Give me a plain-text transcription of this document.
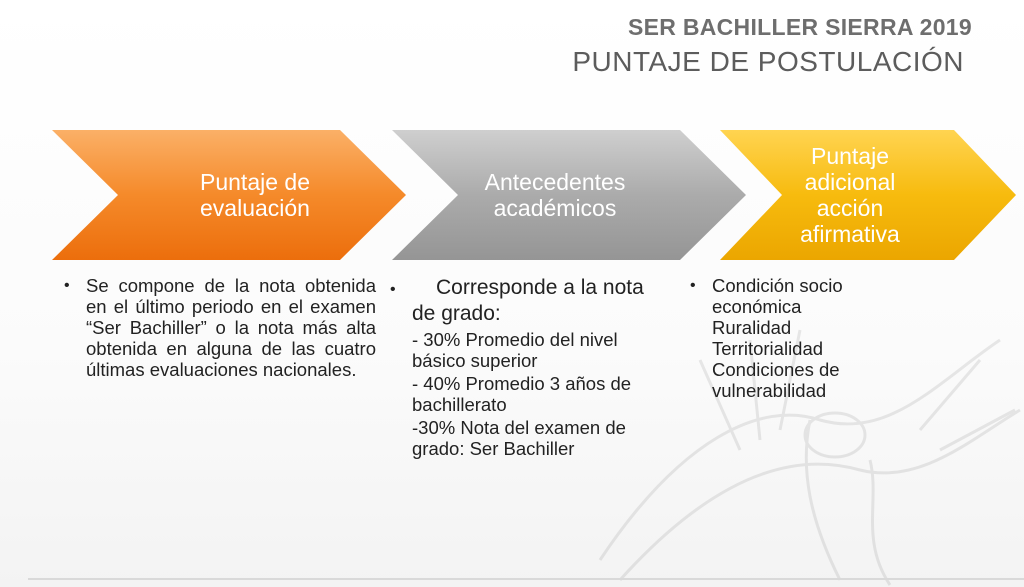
SER BACHILLER SIERRA 2019
PUNTAJE DE POSTULACIÓN
Puntaje de
evaluación
Antecedentes
académicos
Puntaje
adicional
acción
afirmativa
• Se compone de la nota obtenida en el último periodo en el examen “Ser Bachiller” o la nota más alta obtenida en alguna de las cuatro últimas evaluaciones nacionales.
•	Corresponde a la nota de grado:
- 30% Promedio del nivel básico superior
- 40% Promedio 3 años de bachillerato
-30% Nota del examen de grado: Ser Bachiller
• Condición socio económica
Ruralidad
Territorialidad
Condiciones de vulnerabilidad
